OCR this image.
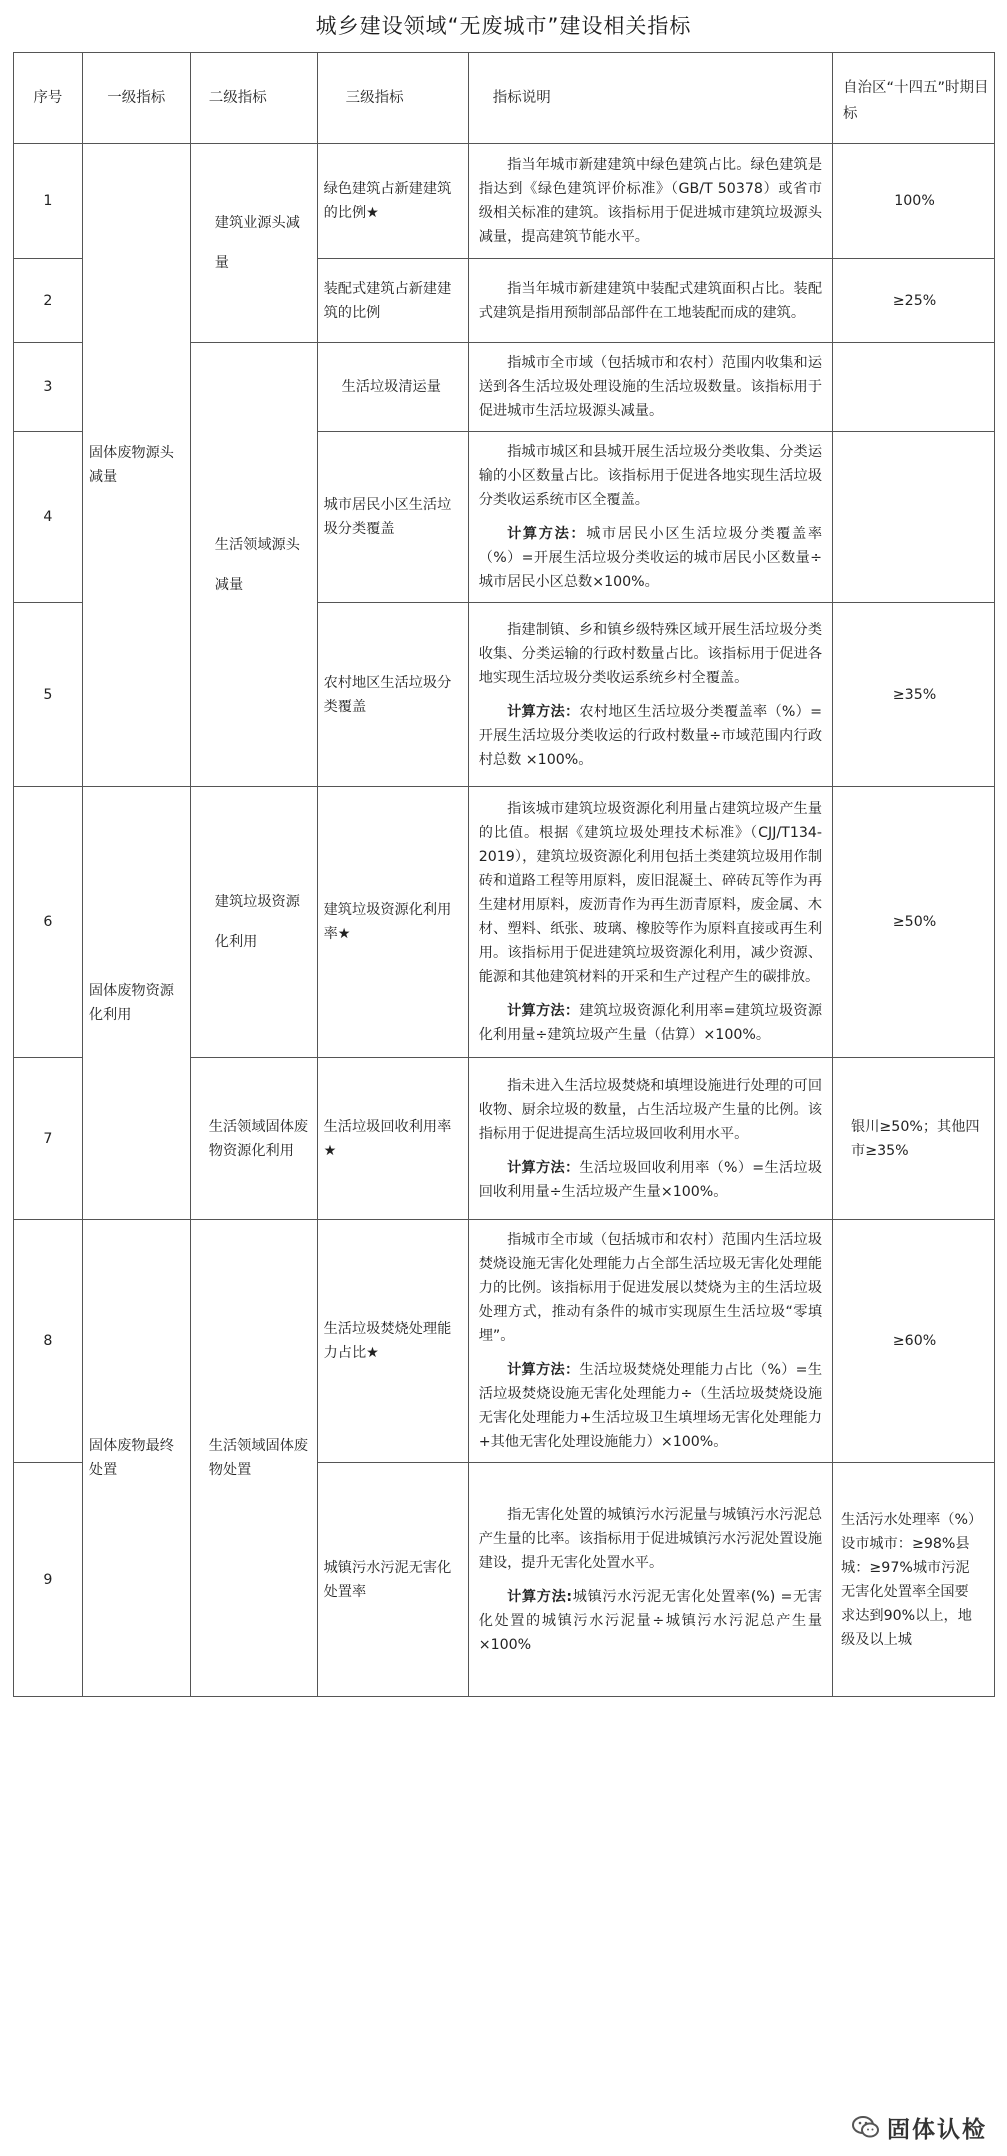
城乡建设领域“无废城市”建设相关指标
序号	一级指标	二级指标	三级指标	指标说明	自治区“十四五”时期目标
1	固体废物源头减量	建筑业源头减量	绿色建筑占新建建筑的比例★	指当年城市新建建筑中绿色建筑占比。绿色建筑是指达到《绿色建筑评价标准》（GB/T 50378）或省市级相关标准的建筑。该指标用于促进城市建筑垃圾源头减量，提高建筑节能水平。	100%
2			装配式建筑占新建建筑的比例	指当年城市新建建筑中装配式建筑面积占比。装配式建筑是指用预制部品部件在工地装配而成的建筑。	≥25%
3		生活领域源头减量	生活垃圾清运量	指城市全市域（包括城市和农村）范围内收集和运送到各生活垃圾处理设施的生活垃圾数量。该指标用于促进城市生活垃圾源头减量。	

4			城市居民小区生活垃圾分类覆盖	指城市城区和县城开展生活垃圾分类收集、分类运输的小区数量占比。该指标用于促进各地实现生活垃圾分类收运系统市区全覆盖。

计算方法：城市居民小区生活垃圾分类覆盖率（%）=开展生活垃圾分类收运的城市居民小区数量÷城市居民小区总数×100%。	

5			农村地区生活垃圾分类覆盖	指建制镇、乡和镇乡级特殊区域开展生活垃圾分类收集、分类运输的行政村数量占比。该指标用于促进各地实现生活垃圾分类收运系统乡村全覆盖。

计算方法：农村地区生活垃圾分类覆盖率（%）=开展生活垃圾分类收运的行政村数量÷市域范围内行政村总数 ×100%。	≥35%
6	固体废物资源化利用	建筑垃圾资源化利用	建筑垃圾资源化利用率★	指该城市建筑垃圾资源化利用量占建筑垃圾产生量的比值。根据《建筑垃圾处理技术标准》（CJJ/T134-2019），建筑垃圾资源化利用包括土类建筑垃圾用作制砖和道路工程等用原料，废旧混凝土、碎砖瓦等作为再生建材用原料，废沥青作为再生沥青原料，废金属、木材、塑料、纸张、玻璃、橡胶等作为原料直接或再生利用。该指标用于促进建筑垃圾资源化利用，减少资源、能源和其他建筑材料的开采和生产过程产生的碳排放。

计算方法：建筑垃圾资源化利用率=建筑垃圾资源化利用量÷建筑垃圾产生量（估算）×100%。	≥50%
7		生活领域固体废物资源化利用	生活垃圾回收利用率★	指未进入生活垃圾焚烧和填埋设施进行处理的可回收物、厨余垃圾的数量，占生活垃圾产生量的比例。该指标用于促进提高生活垃圾回收利用水平。

计算方法：生活垃圾回收利用率（%）=生活垃圾回收利用量÷生活垃圾产生量×100%。	银川≥50%；其他四市≥35%
8	固体废物最终处置	生活领域固体废物处置	生活垃圾焚烧处理能力占比★	指城市全市域（包括城市和农村）范围内生活垃圾焚烧设施无害化处理能力占全部生活垃圾无害化处理能力的比例。该指标用于促进发展以焚烧为主的生活垃圾处理方式，推动有条件的城市实现原生生活垃圾“零填埋”。

计算方法：生活垃圾焚烧处理能力占比（%）=生活垃圾焚烧设施无害化处理能力÷（生活垃圾焚烧设施无害化处理能力+生活垃圾卫生填埋场无害化处理能力+其他无害化处理设施能力）×100%。	≥60%
9			城镇污水污泥无害化处置率	指无害化处置的城镇污水污泥量与城镇污水污泥总产生量的比率。该指标用于促进城镇污水污泥处置设施建设，提升无害化处置水平。

计算方法:城镇污水污泥无害化处置率(%) =无害化处置的城镇污水污泥量÷城镇污水污泥总产生量×100%	生活污水处理率（%）设市城市：≥98%县城：≥97%城市污泥无害化处置率全国要求达到90%以上，地级及以上城
固体认检
